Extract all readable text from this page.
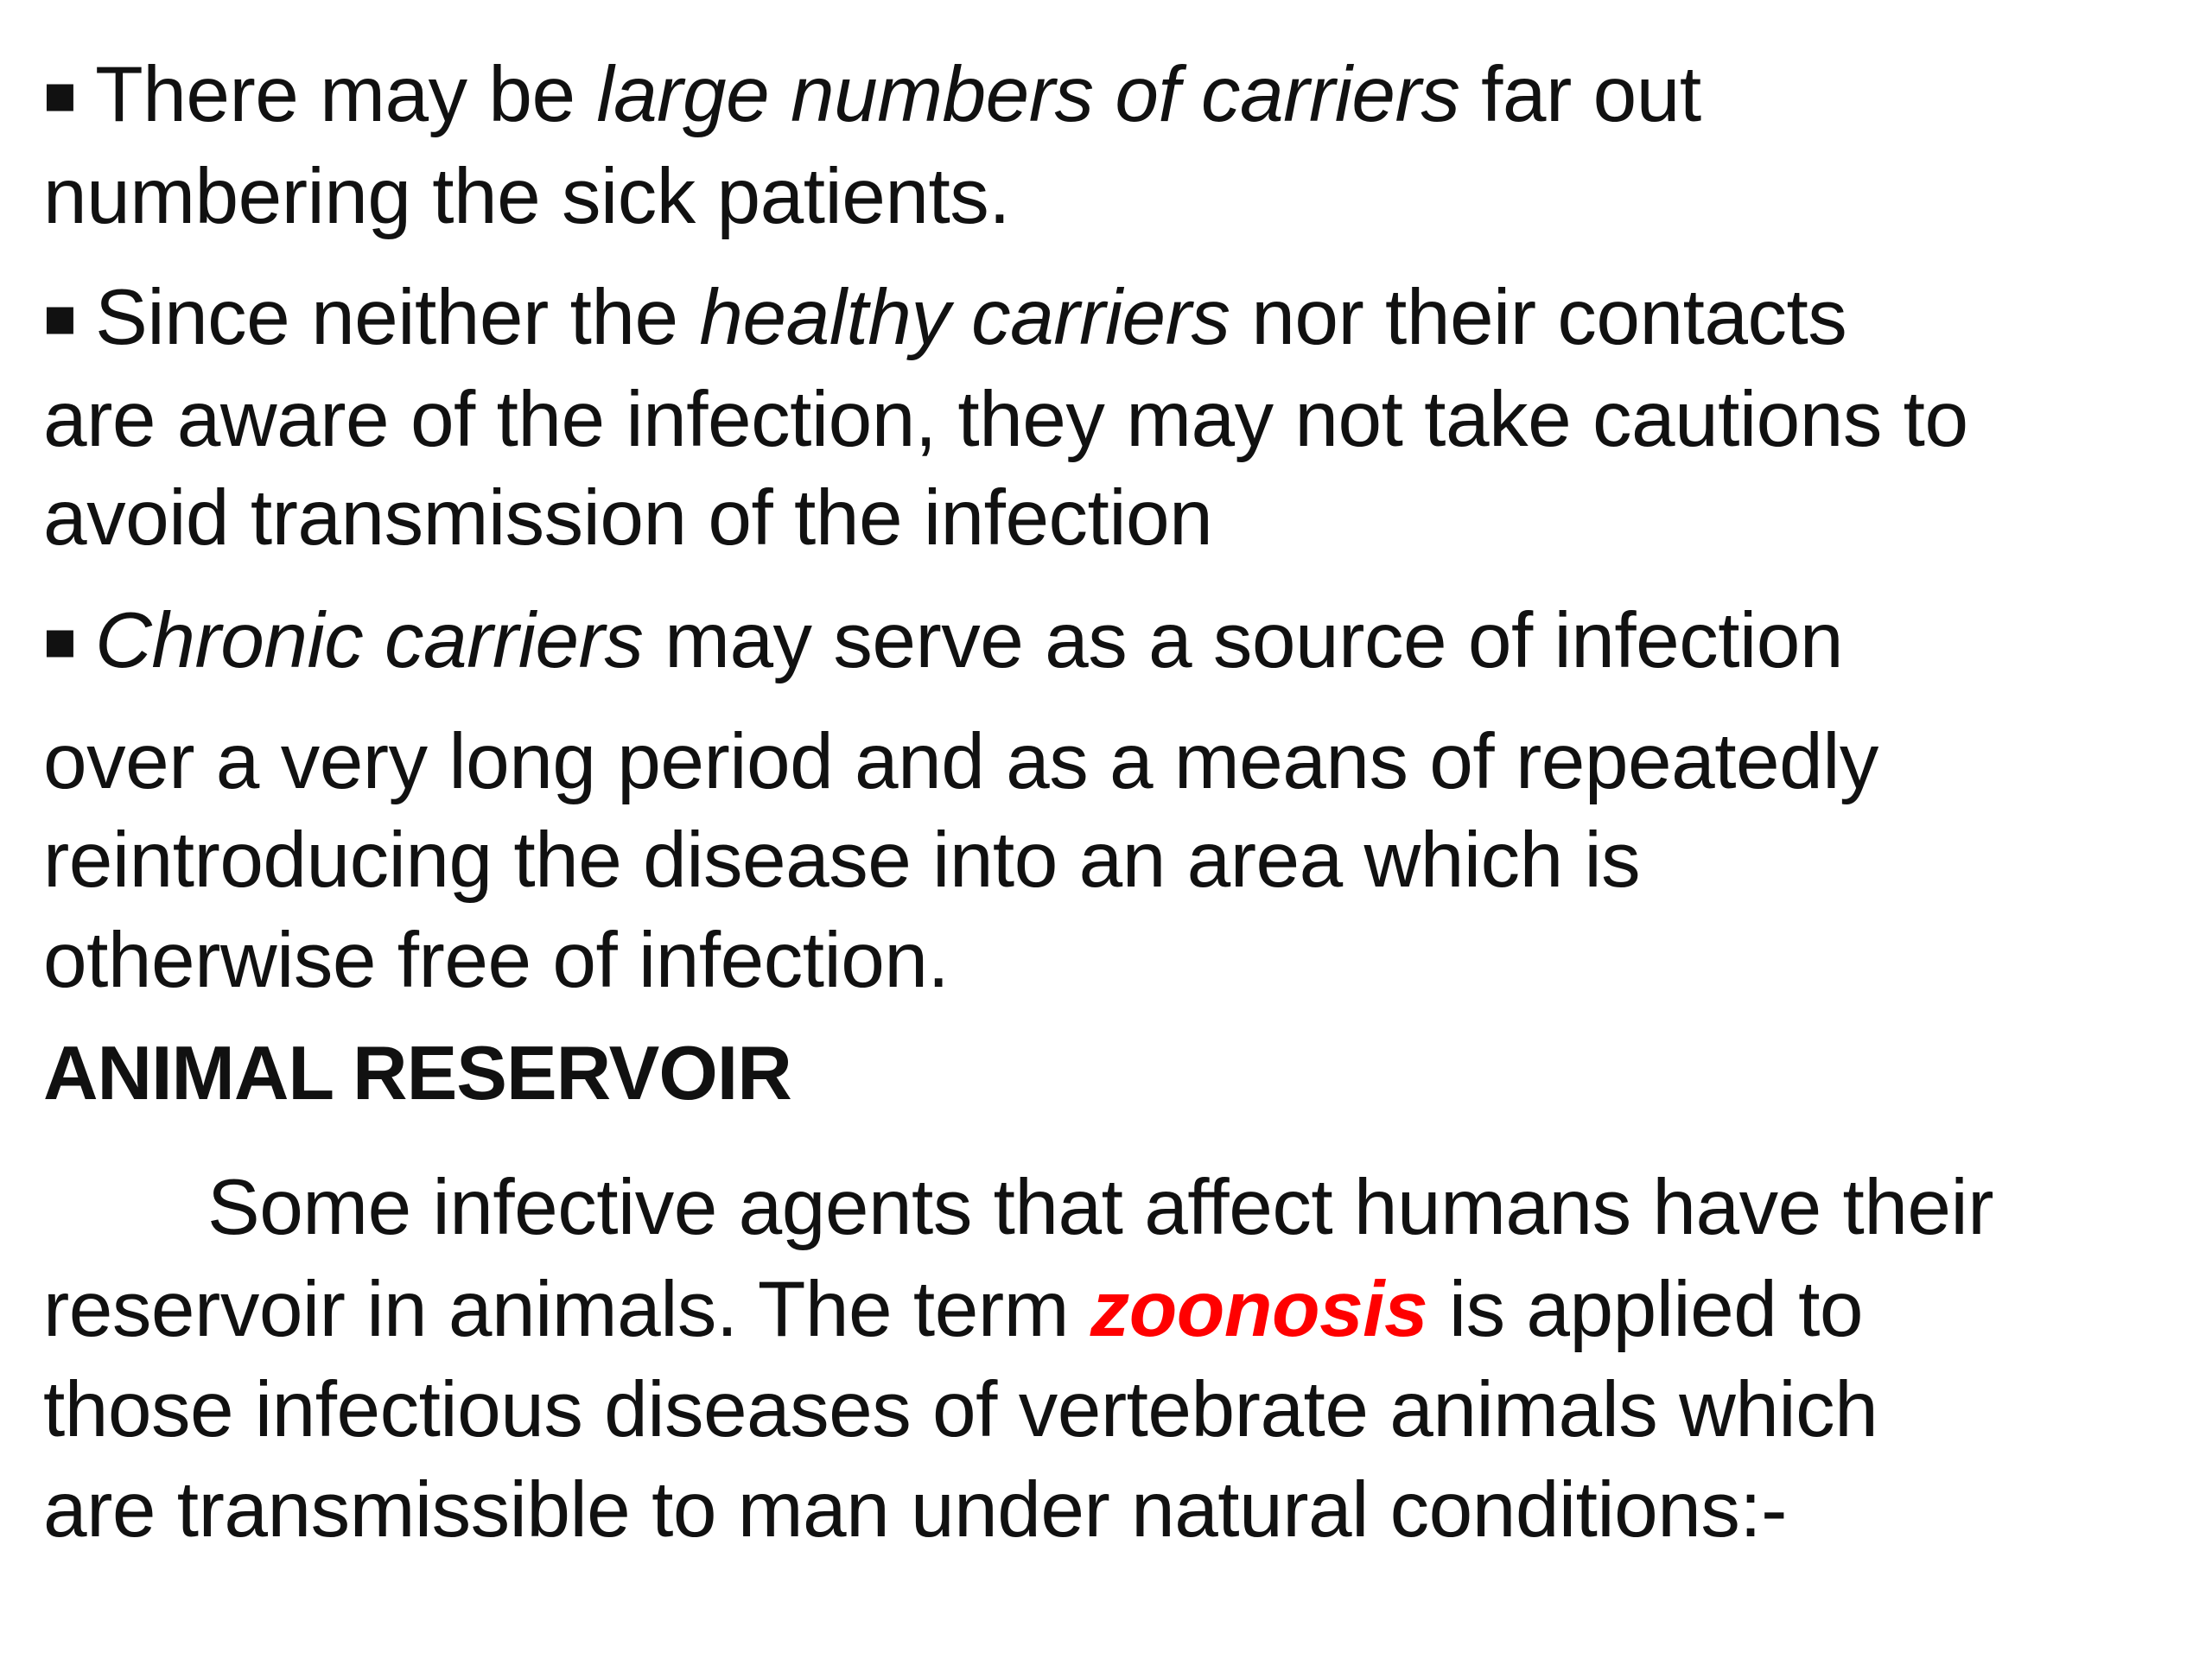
■ There may be large numbers of carriers far out
numbering the sick patients.
■ Since neither the healthy carriers nor their contacts
are aware of the infection, they may not take cautions to
avoid transmission of the infection
■ Chronic carriers may serve as a source of infection
over a very long period and as a means of repeatedly
reintroducing the disease into an area which is
otherwise free of infection.
ANIMAL RESERVOIR
Some infective agents that affect humans have their
reservoir in animals. The term zoonosis is applied to
those infectious diseases of vertebrate animals which
are transmissible to man under natural conditions:-
